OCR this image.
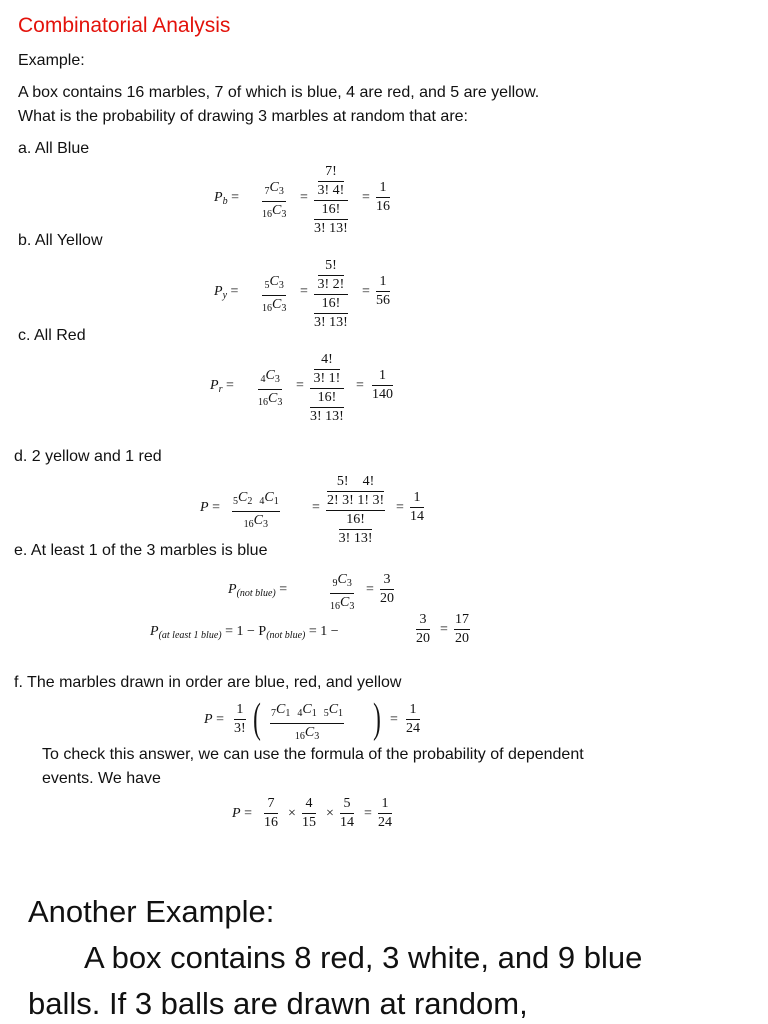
Combinatorial Analysis
Example:
A box contains 16 marbles, 7 of which is blue, 4 are red, and 5 are yellow.
What is the probability of drawing 3 marbles at random that are:
a. All Blue
$P_b = \frac{_7C_3}{_{16}C_3} = \frac{\frac{7!}{3! 4!}}{\frac{16!}{3! 13!}} = \frac{1}{16}$
b. All Yellow
$P_y = \frac{_5C_3}{_{16}C_3} = \frac{\frac{5!}{3! 2!}}{\frac{16!}{3! 13!}} = \frac{1}{56}$
c. All Red
$P_r = \frac{_4C_3}{_{16}C_3} = \frac{\frac{4!}{3! 1!}}{\frac{16!}{3! 13!}} = \frac{1}{140}$
d. 2 yellow and 1 red
$P = \frac{_5C_2 _4C_1}{_{16}C_3} = \frac{\frac{5! 4!}{2! 3! 1! 3!}}{\frac{16!}{3! 13!}} = \frac{1}{14}$
e. At least 1 of the 3 marbles is blue
$P_{(not blue)}$ =	$\frac{_9C_3}{_{16}C_3} = \frac{3}{20}$
$P_{(at least 1 blue)} = 1 - P_{(not blue)} = 1$ −	$\frac{3}{20} = \frac{17}{20}$
f. The marbles drawn in order are blue, red, and yellow
$P = \frac{1}{3!}$ ( $\frac{_7C_1 _4C_1 _5C_1}{_{16}C_3}$ ) = $\frac{1}{24}$
To check this answer, we can use the formula of the probability of dependent
events. We have
$P = \frac{7}{16} \times \frac{4}{15} \times \frac{5}{14} = \frac{1}{24}$
Another Example:
A box contains 8 red, 3 white, and 9 blue
balls. If 3 balls are drawn at random,
